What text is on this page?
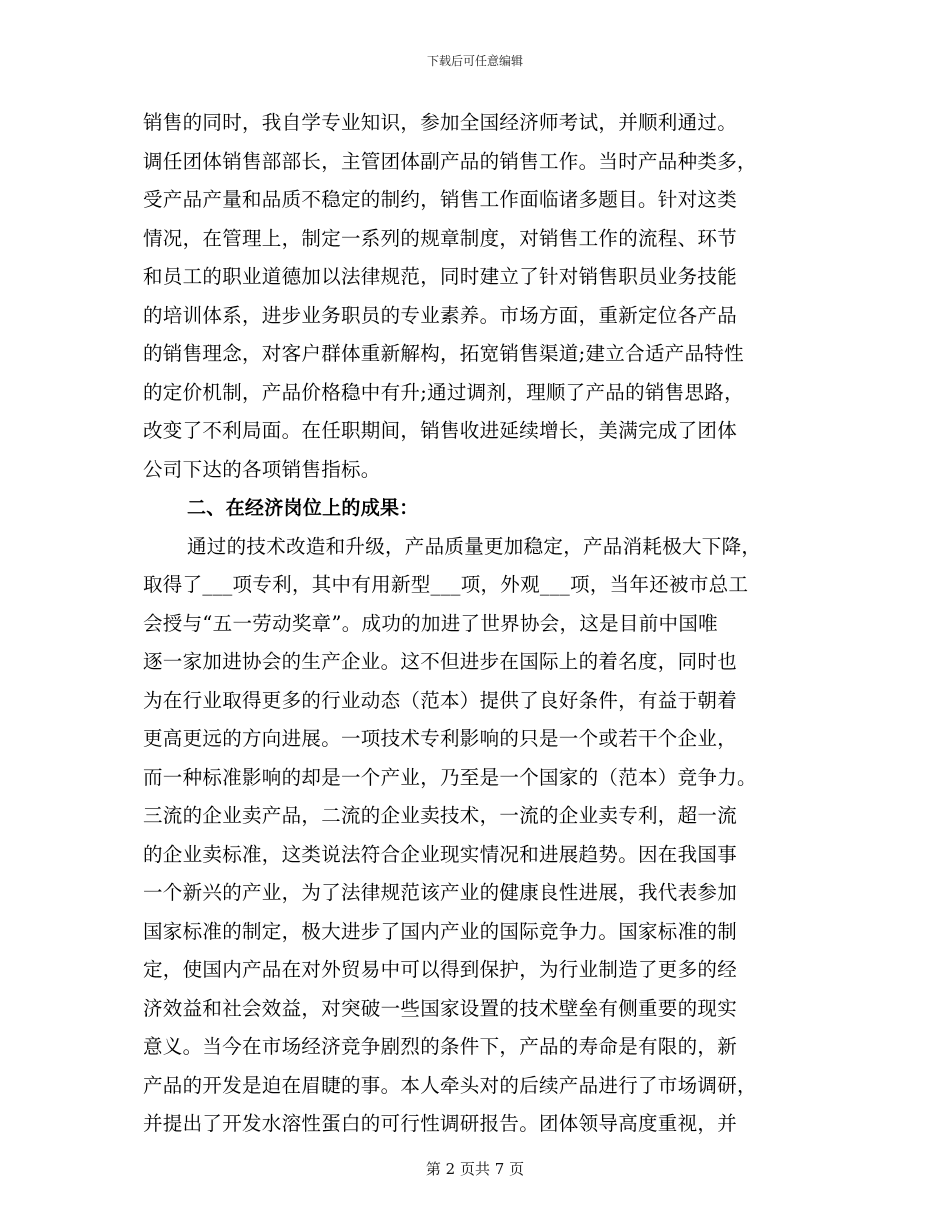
下载后可任意编辑
销售的同时，我自学专业知识，参加全国经济师考试，并顺利通过。
调任团体销售部部长，主管团体副产品的销售工作。当时产品种类多，
受产品产量和品质不稳定的制约，销售工作面临诸多题目。针对这类
情况，在管理上，制定一系列的规章制度，对销售工作的流程、环节
和员工的职业道德加以法律规范，同时建立了针对销售职员业务技能
的培训体系，进步业务职员的专业素养。市场方面，重新定位各产品
的销售理念，对客户群体重新解构，拓宽销售渠道;建立合适产品特性
的定价机制，产品价格稳中有升;通过调剂，理顺了产品的销售思路，
改变了不利局面。在任职期间，销售收进延续增长，美满完成了团体
公司下达的各项销售指标。
二、在经济岗位上的成果：
通过的技术改造和升级，产品质量更加稳定，产品消耗极大下降，
取得了___项专利，其中有用新型___项，外观___项，当年还被市总工
会授与“五一劳动奖章”。成功的加进了世界协会，这是目前中国唯
逐一家加进协会的生产企业。这不但进步在国际上的着名度，同时也
为在行业取得更多的行业动态（范本）提供了良好条件，有益于朝着
更高更远的方向进展。一项技术专利影响的只是一个或若干个企业，
而一种标准影响的却是一个产业，乃至是一个国家的（范本）竞争力。
三流的企业卖产品，二流的企业卖技术，一流的企业卖专利，超一流
的企业卖标准，这类说法符合企业现实情况和进展趋势。因在我国事
一个新兴的产业，为了法律规范该产业的健康良性进展，我代表参加
国家标准的制定，极大进步了国内产业的国际竞争力。国家标准的制
定，使国内产品在对外贸易中可以得到保护，为行业制造了更多的经
济效益和社会效益，对突破一些国家设置的技术壁垒有侧重要的现实
意义。当今在市场经济竞争剧烈的条件下，产品的寿命是有限的，新
产品的开发是迫在眉睫的事。本人牵头对的后续产品进行了市场调研，
并提出了开发水溶性蛋白的可行性调研报告。团体领导高度重视，并
第 2 页共 7 页
